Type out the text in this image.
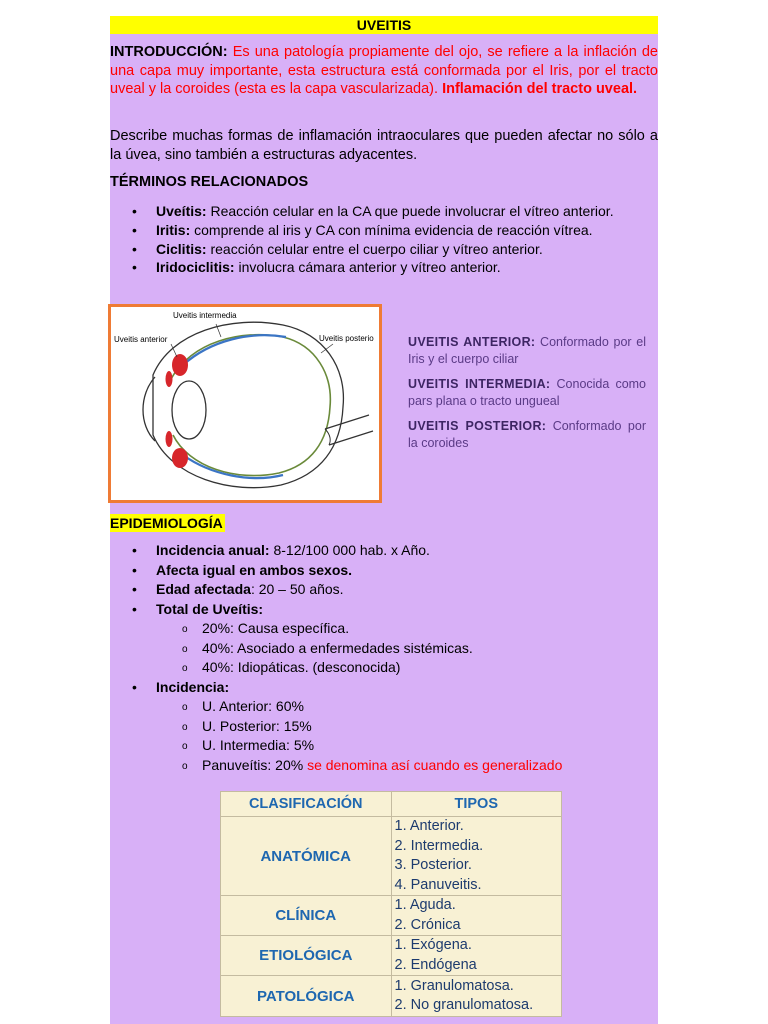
UVEITIS
INTRODUCCIÓN: Es una patología propiamente del ojo, se refiere a la inflación de una capa muy importante, esta estructura está conformada por el Iris, por el tracto uveal y la coroides (esta es la capa vascularizada). Inflamación del tracto uveal.
Describe muchas formas de inflamación intraoculares que pueden afectar no sólo a la úvea, sino también a estructuras adyacentes.
TÉRMINOS RELACIONADOS
• Uveítis: Reacción celular en la CA que puede involucrar el vítreo anterior.
• Iritis: comprende al iris y CA con mínima evidencia de reacción vítrea.
• Ciclitis: reacción celular entre el cuerpo ciliar y vítreo anterior.
• Iridociclitis: involucra cámara anterior y vítreo anterior.
Uveitis intermedia
Uveitis anterior	Uveitis posterio	UVEITIS ANTERIOR: Conformado por el Iris y el cuerpo ciliar

UVEITIS INTERMEDIA: Conocida como pars plana o tracto ungueal

UVEITIS POSTERIOR: Conformado por la coroides

EPIDEMIOLOGÍA
• Incidencia anual: 8-12/100 000 hab. x Año.
• Afecta igual en ambos sexos.
• Edad afectada: 20 – 50 años.
• Total de Uveítis:
o 20%: Causa específica.
o 40%: Asociado a enfermedades sistémicas.
o 40%: Idiopáticas. (desconocida)
• Incidencia:
o U. Anterior: 60%
o U. Posterior: 15%
o U. Intermedia: 5%
o Panuveítis: 20% se denomina así cuando es generalizado
CLASIFICACIÓN	TIPOS
ANATÓMICA	1. Anterior.
2. Intermedia.
3. Posterior.
4. Panuveitis.

CLÍNICA	1. Aguda.
2. Crónica

ETIOLÓGICA	1. Exógena.
2. Endógena

PATOLÓGICA	1. Granulomatosa.
2. No granulomatosa.
